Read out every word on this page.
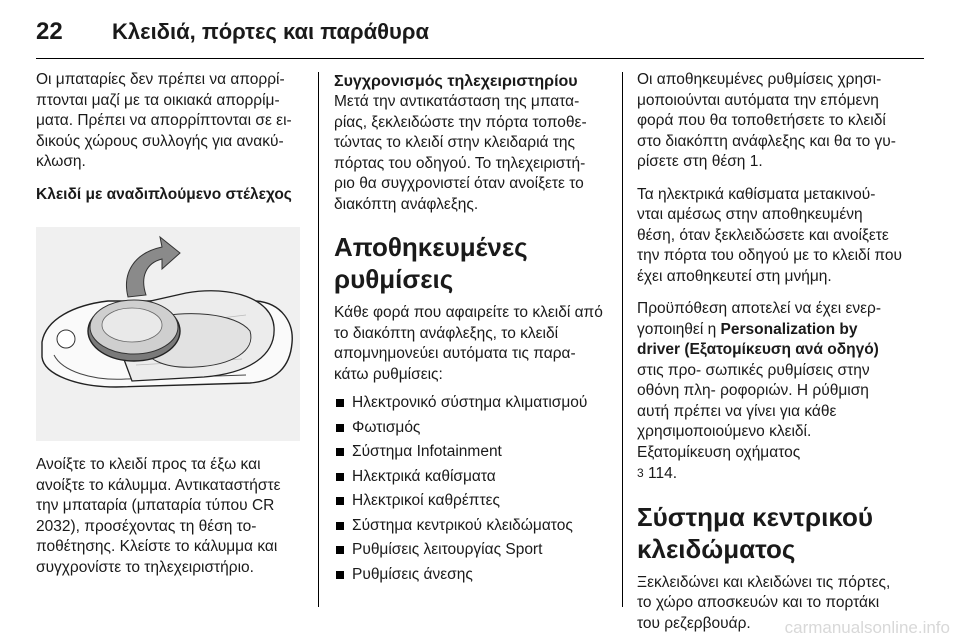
22	Κλειδιά, πόρτες και παράθυρα

Οι μπαταρίες δεν πρέπει να απορρί- πτονται μαζί με τα οικιακά απορρίμ- ματα. Πρέπει να απορρίπτονται σε ει- δικούς χώρους συλλογής για ανακύ- κλωση.

Κλειδί με αναδιπλούμενο στέλεχος

Ανοίξτε το κλειδί προς τα έξω και ανοίξτε το κάλυμμα. Αντικαταστήστε την μπαταρία (μπαταρία τύπου CR 2032), προσέχοντας τη θέση το- ποθέτησης. Κλείστε το κάλυμμα και συγχρονίστε το τηλεχειριστήριο.

Συγχρονισμός τηλεχειριστηρίου

Μετά την αντικατάσταση της μπατα- ρίας, ξεκλειδώστε την πόρτα τοποθε- τώντας το κλειδί στην κλειδαριά της πόρτας του οδηγού. Το τηλεχειριστή- ριο θα συγχρονιστεί όταν ανοίξετε το διακόπτη ανάφλεξης.

Αποθηκευμένες ρυθμίσεις

Κάθε φορά που αφαιρείτε το κλειδί από το διακόπτη ανάφλεξης, το κλειδί απομνημονεύει αυτόματα τις παρα- κάτω ρυθμίσεις:

Ηλεκτρονικό σύστημα κλιματισμού
Φωτισμός
Σύστημα Infotainment
Ηλεκτρικά καθίσματα
Ηλεκτρικοί καθρέπτες
Σύστημα κεντρικού κλειδώματος
Ρυθμίσεις λειτουργίας Sport
Ρυθμίσεις άνεσης

Οι αποθηκευμένες ρυθμίσεις χρησι- μοποιούνται αυτόματα την επόμενη φορά που θα τοποθετήσετε το κλειδί στο διακόπτη ανάφλεξης και θα το γυ- ρίσετε στη θέση 1.

Τα ηλεκτρικά καθίσματα μετακινού- νται αμέσως στην αποθηκευμένη θέση, όταν ξεκλειδώσετε και ανοίξετε την πόρτα του οδηγού με το κλειδί που έχει αποθηκευτεί στη μνήμη.

Προϋπόθεση αποτελεί να έχει ενερ- γοποιηθεί η Personalization by driver (Εξατομίκευση ανά οδηγό) στις προ- σωπικές ρυθμίσεις στην οθόνη πλη- ροφοριών. Η ρύθμιση αυτή πρέπει να γίνει για κάθε χρησιμοποιούμενο κλειδί. Εξατομίκευση οχήματος
3 114.

Σύστημα κεντρικού κλειδώματος

Ξεκλειδώνει και κλειδώνει τις πόρτες, το χώρο αποσκευών και το πορτάκι του ρεζερβουάρ.	carmanualsonline.info
